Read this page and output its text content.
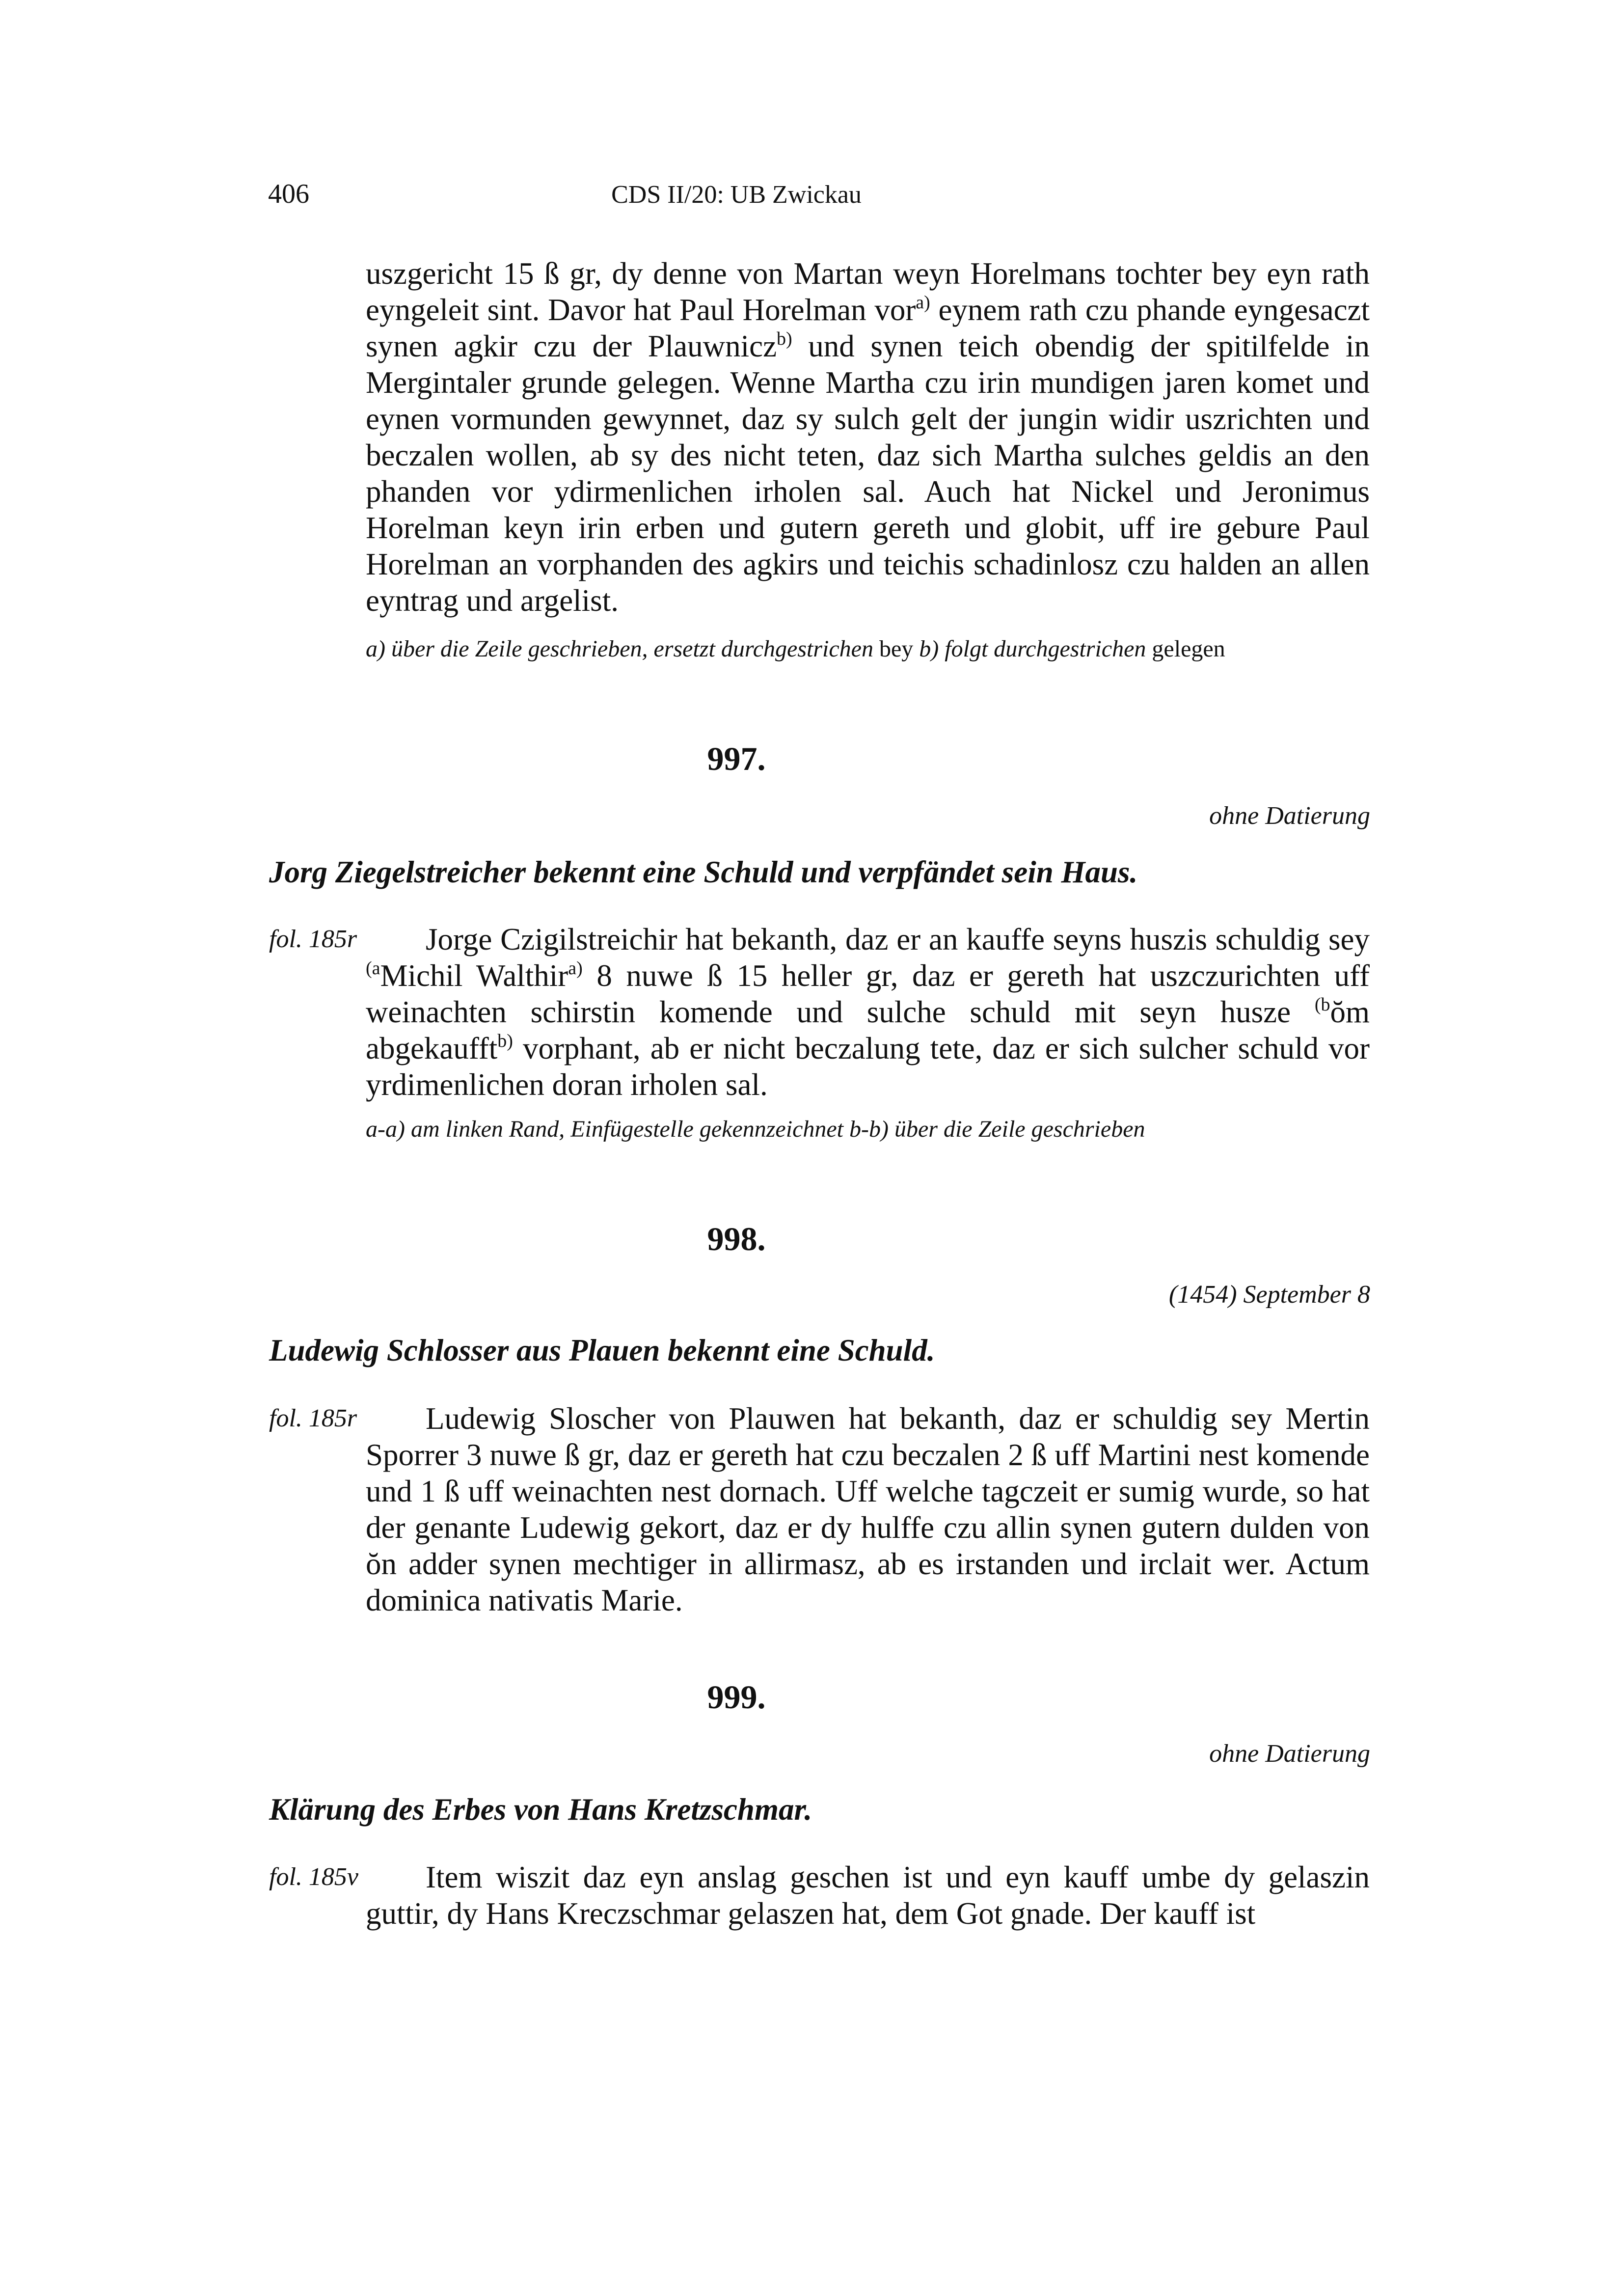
406	CDS II/20: UB Zwickau

uszgericht 15 ß gr, dy denne von Martan weyn Horelmans tochter bey eyn rath eyngeleit sint. Davor hat Paul Horelman vor$^{a)}$ eynem rath czu phande eyngesaczt synen agkir czu der Plauwnicz$^{b)}$ und synen teich obendig der spitilfelde in Mergintaler grunde gelegen. Wenne Martha czu irin mundigen jaren komet und eynen vormunden gewynnet, daz sy sulch gelt der jungin widir uszrichten und beczalen wollen, ab sy des nicht teten, daz sich Martha sulches geldis an den phanden vor ydirmenlichen irholen sal. Auch hat Nickel und Jeronimus Horelman keyn irin erben und gutern gereth und globit, uff ire gebure Paul Horelman an vorphanden des agkirs und teichis schadinlosz czu halden an allen eyntrag und argelist.

a) über die Zeile geschrieben, ersetzt durchgestrichen bey b) folgt durchgestrichen gelegen
997.
ohne Datierung
Jorg Ziegelstreicher bekennt eine Schuld und verpfändet sein Haus.
fol. 185r	Jorge Czigilstreichir hat bekanth, daz er an kauffe seyns huszis schuldig sey $^{(a}$Michil Walthir$^{a)}$ 8 nuwe ß 15 heller gr, daz er gereth hat uszczurichten uff weinachten schirstin komende und sulche schuld mit seyn husze $^{(b}$ŏm abgekaufft$^{b)}$ vorphant, ab er nicht beczalung tete, daz er sich sulcher schuld vor yrdimenlichen doran irholen sal.

a-a) am linken Rand, Einfügestelle gekennzeichnet b-b) über die Zeile geschrieben
998.
(1454) September 8
Ludewig Schlosser aus Plauen bekennt eine Schuld.
fol. 185r	Ludewig Sloscher von Plauwen hat bekanth, daz er schuldig sey Mertin Sporrer 3 nuwe ß gr, daz er gereth hat czu beczalen 2 ß uff Martini nest komende und 1 ß uff weinachten nest dornach. Uff welche tagczeit er sumig wurde, so hat der genante Ludewig gekort, daz er dy hulffe czu allin synen gutern dulden von ŏn adder synen mechtiger in allirmasz, ab es irstanden und irclait wer. Actum dominica nativatis Marie.

999.
ohne Datierung
Klärung des Erbes von Hans Kretzschmar.
fol. 185v	Item wiszit daz eyn anslag geschen ist und eyn kauff umbe dy gelaszin guttir, dy Hans Kreczschmar gelaszen hat, dem Got gnade. Der kauff ist
